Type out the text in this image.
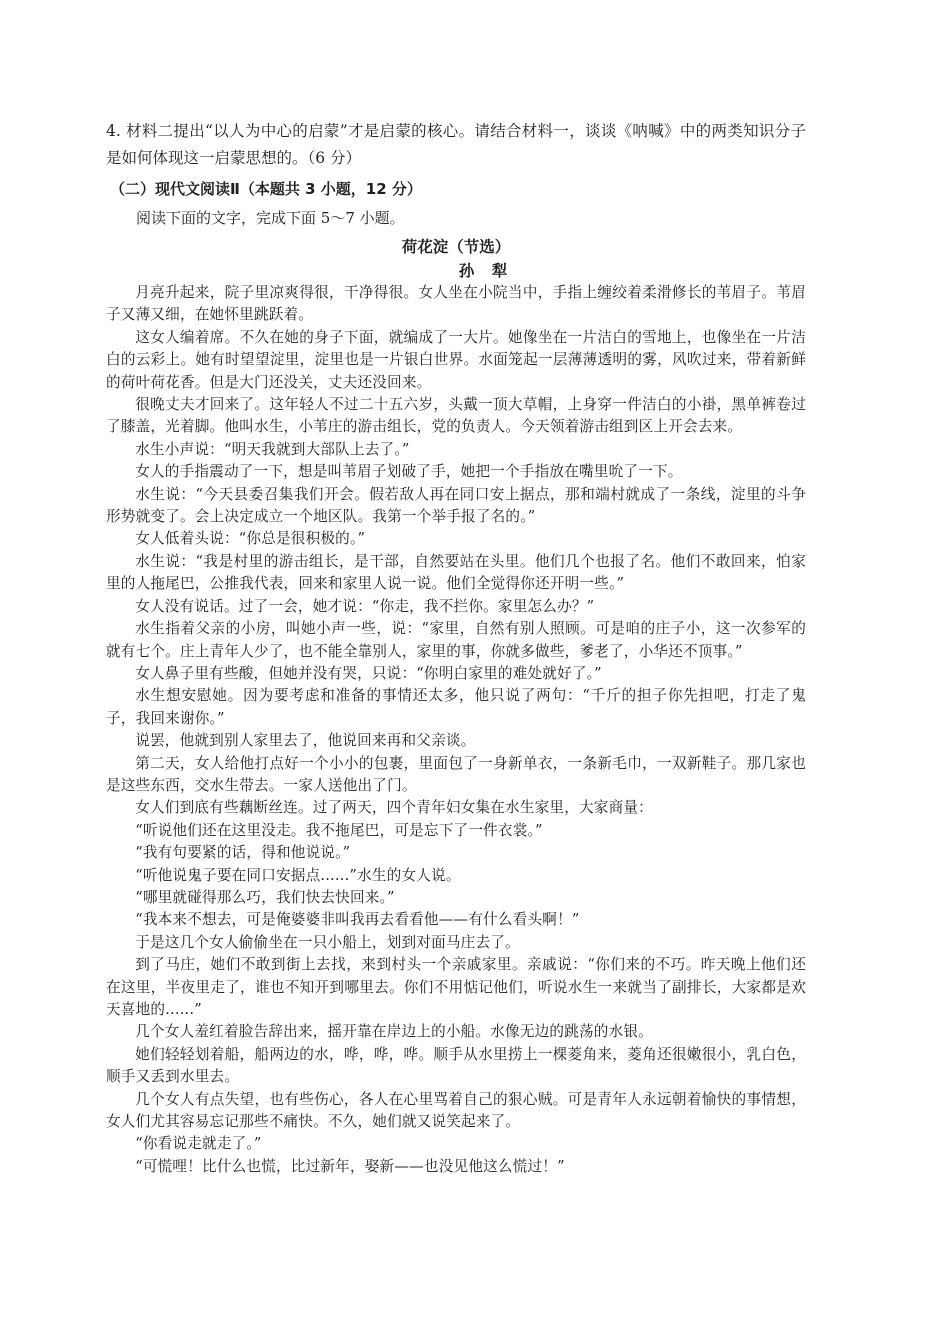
4. 材料二提出“以人为中心的启蒙”才是启蒙的核心。请结合材料一，谈谈《呐喊》中的两类知识分子是如何体现这一启蒙思想的。（6 分）

（二）现代文阅读Ⅱ（本题共 3 小题，12 分）
阅读下面的文字，完成下面 5～7 小题。
荷花淀（节选）
孙 犁

月亮升起来，院子里凉爽得很，干净得很。女人坐在小院当中，手指上缠绞着柔滑修长的苇眉子。苇眉子又薄又细，在她怀里跳跃着。

这女人编着席。不久在她的身子下面，就编成了一大片。她像坐在一片洁白的雪地上，也像坐在一片洁白的云彩上。她有时望望淀里，淀里也是一片银白世界。水面笼起一层薄薄透明的雾，风吹过来，带着新鲜的荷叶荷花香。但是大门还没关，丈夫还没回来。

很晚丈夫才回来了。这年轻人不过二十五六岁，头戴一顶大草帽，上身穿一件洁白的小褂，黑单裤卷过了膝盖，光着脚。他叫水生，小苇庄的游击组长，党的负责人。今天领着游击组到区上开会去来。

水生小声说：“明天我就到大部队上去了。”

女人的手指震动了一下，想是叫苇眉子划破了手，她把一个手指放在嘴里吮了一下。

水生说：“今天县委召集我们开会。假若敌人再在同口安上据点，那和端村就成了一条线，淀里的斗争形势就变了。会上决定成立一个地区队。我第一个举手报了名的。”

女人低着头说：“你总是很积极的。”

水生说：“我是村里的游击组长，是干部，自然要站在头里。他们几个也报了名。他们不敢回来，怕家里的人拖尾巴，公推我代表，回来和家里人说一说。他们全觉得你还开明一些。”

女人没有说话。过了一会，她才说：“你走，我不拦你。家里怎么办？”

水生指着父亲的小房，叫她小声一些，说：“家里，自然有别人照顾。可是咱的庄子小，这一次参军的就有七个。庄上青年人少了，也不能全靠别人，家里的事，你就多做些，爹老了，小华还不顶事。”

女人鼻子里有些酸，但她并没有哭，只说：“你明白家里的难处就好了。”

水生想安慰她。因为要考虑和准备的事情还太多，他只说了两句：“千斤的担子你先担吧，打走了鬼子，我回来谢你。”

说罢，他就到别人家里去了，他说回来再和父亲谈。

第二天，女人给他打点好一个小小的包裹，里面包了一身新单衣，一条新毛巾，一双新鞋子。那几家也是这些东西，交水生带去。一家人送他出了门。

女人们到底有些藕断丝连。过了两天，四个青年妇女集在水生家里，大家商量：

“听说他们还在这里没走。我不拖尾巴，可是忘下了一件衣裳。”

“我有句要紧的话，得和他说说。”

“听他说鬼子要在同口安据点......”水生的女人说。

“哪里就碰得那么巧，我们快去快回来。”

“我本来不想去，可是俺婆婆非叫我再去看看他——有什么看头啊！”

于是这几个女人偷偷坐在一只小船上，划到对面马庄去了。

到了马庄，她们不敢到街上去找，来到村头一个亲戚家里。亲戚说：“你们来的不巧。昨天晚上他们还在这里，半夜里走了，谁也不知开到哪里去。你们不用惦记他们，听说水生一来就当了副排长，大家都是欢天喜地的......”

几个女人羞红着脸告辞出来，摇开靠在岸边上的小船。水像无边的跳荡的水银。

她们轻轻划着船，船两边的水，哗，哗，哗。顺手从水里捞上一棵菱角来，菱角还很嫩很小，乳白色，顺手又丢到水里去。

几个女人有点失望，也有些伤心，各人在心里骂着自己的狠心贼。可是青年人永远朝着愉快的事情想，女人们尤其容易忘记那些不痛快。不久，她们就又说笑起来了。

“你看说走就走了。”

“可慌哩！比什么也慌，比过新年，娶新——也没见他这么慌过！”
